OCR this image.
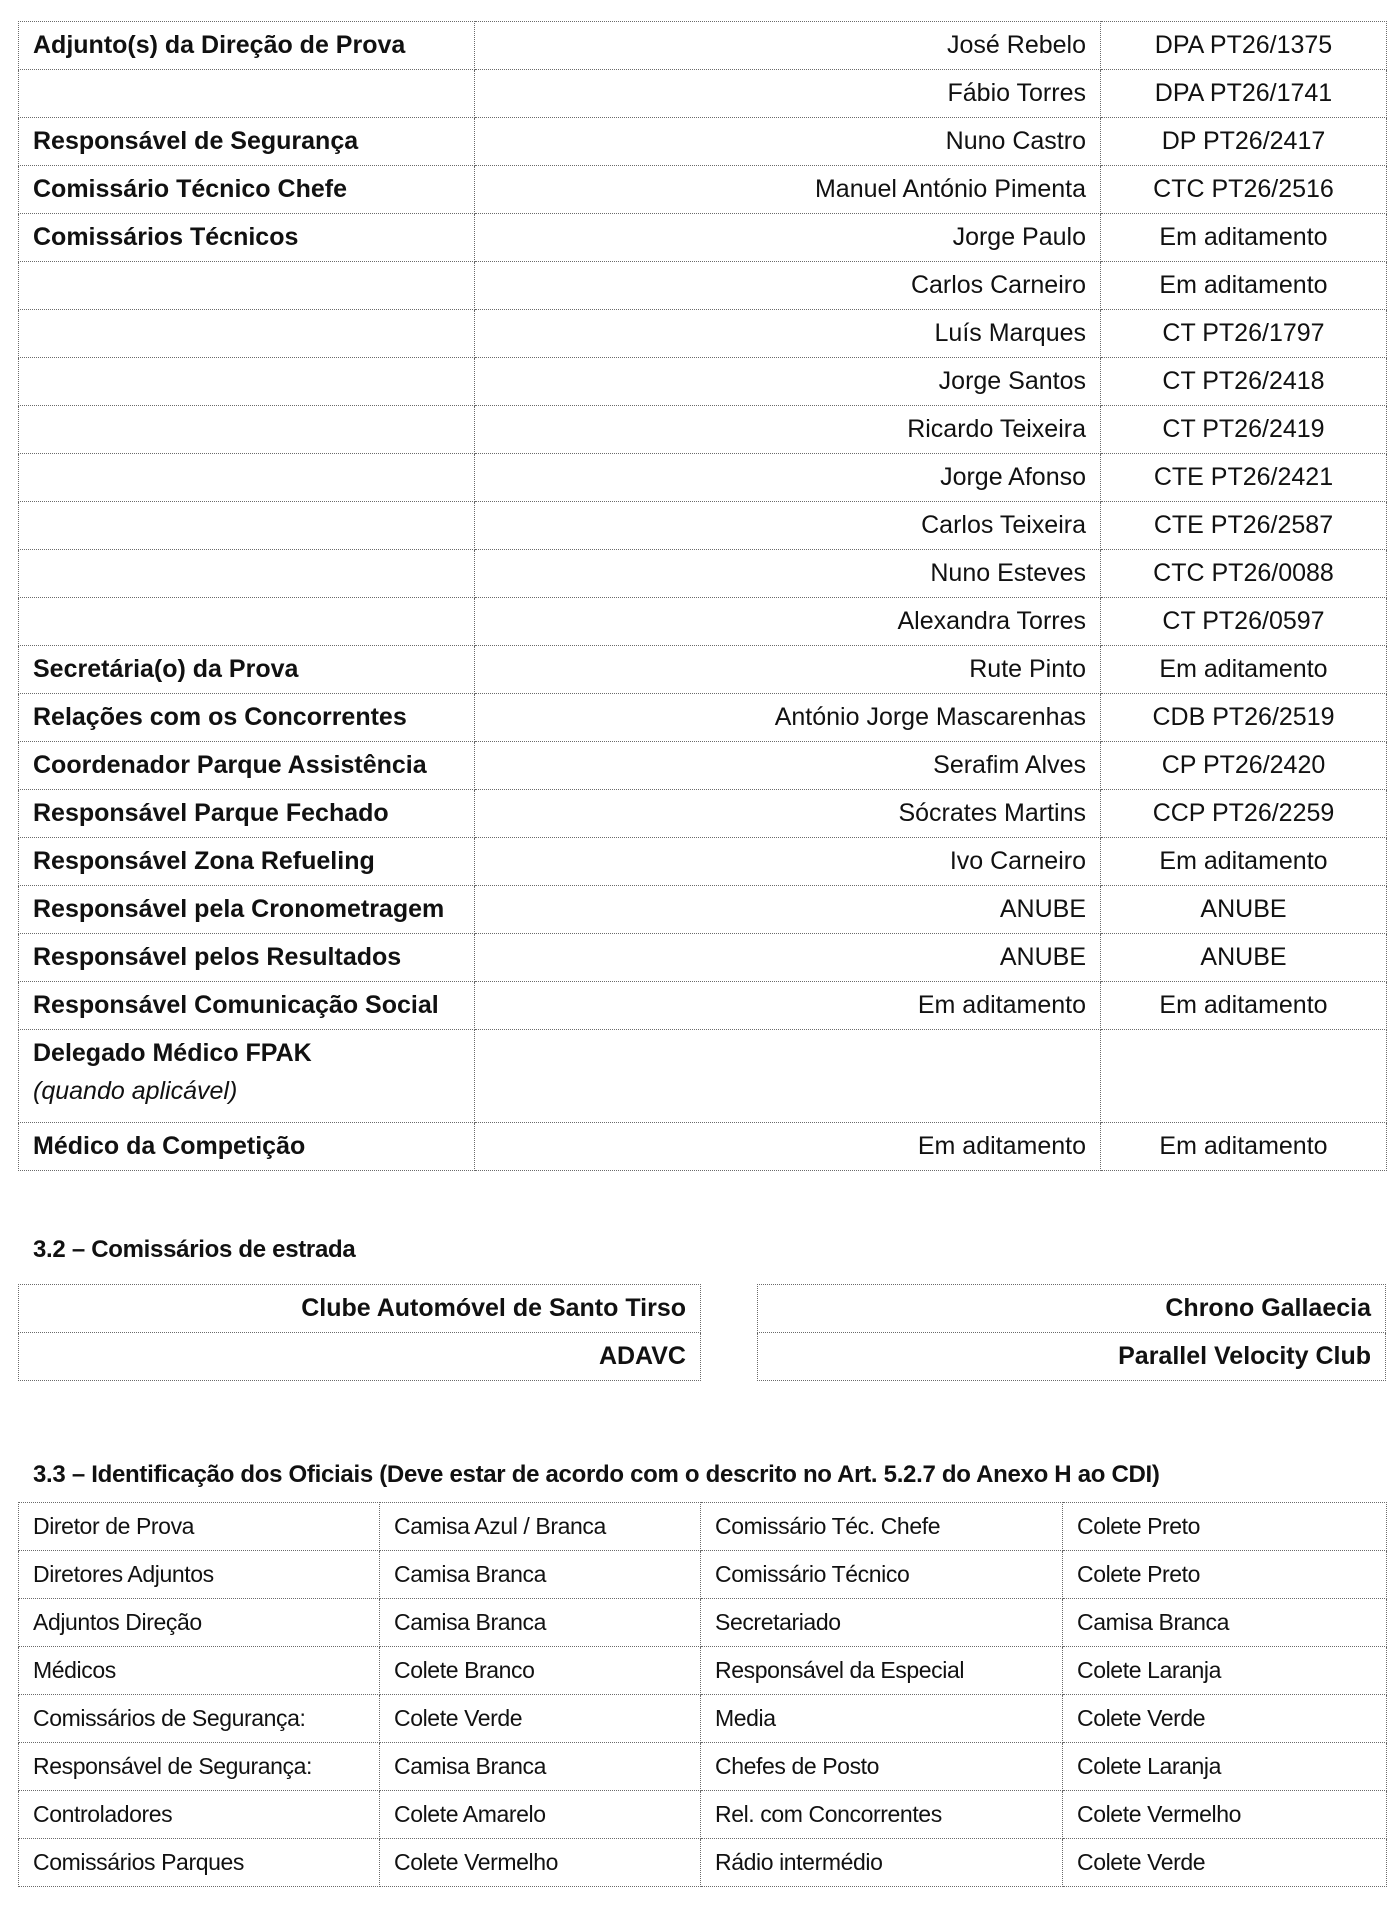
Adjunto(s) da Direção de Prova	José Rebelo	DPA PT26/1375
	Fábio Torres	DPA PT26/1741
Responsável de Segurança	Nuno Castro	DP PT26/2417
Comissário Técnico Chefe	Manuel António Pimenta	CTC PT26/2516
Comissários Técnicos	Jorge Paulo	Em aditamento
	Carlos Carneiro	Em aditamento
	Luís Marques	CT PT26/1797
	Jorge Santos	CT PT26/2418
	Ricardo Teixeira	CT PT26/2419
	Jorge Afonso	CTE PT26/2421
	Carlos Teixeira	CTE PT26/2587
	Nuno Esteves	CTC PT26/0088
	Alexandra Torres	CT PT26/0597
Secretária(o) da Prova	Rute Pinto	Em aditamento
Relações com os Concorrentes	António Jorge Mascarenhas	CDB PT26/2519
Coordenador Parque Assistência	Serafim Alves	CP PT26/2420
Responsável Parque Fechado	Sócrates Martins	CCP PT26/2259
Responsável Zona Refueling	Ivo Carneiro	Em aditamento
Responsável pela Cronometragem	ANUBE	ANUBE
Responsável pelos Resultados	ANUBE	ANUBE
Responsável Comunicação Social	Em aditamento	Em aditamento
Delegado Médico FPAK
(quando aplicável)		

Médico da Competição	Em aditamento	Em aditamento
3.2 – Comissários de estrada
Clube Automóvel de Santo Tirso
ADAVC
Chrono Gallaecia
Parallel Velocity Club
3.3 – Identificação dos Oficiais (Deve estar de acordo com o descrito no Art. 5.2.7 do Anexo H ao CDI)
Diretor de Prova	Camisa Azul / Branca	Comissário Téc. Chefe	Colete Preto
Diretores Adjuntos	Camisa Branca	Comissário Técnico	Colete Preto
Adjuntos Direção	Camisa Branca	Secretariado	Camisa Branca
Médicos	Colete Branco	Responsável da Especial	Colete Laranja
Comissários de Segurança:	Colete Verde	Media	Colete Verde
Responsável de Segurança:	Camisa Branca	Chefes de Posto	Colete Laranja
Controladores	Colete Amarelo	Rel. com Concorrentes	Colete Vermelho
Comissários Parques	Colete Vermelho	Rádio intermédio	Colete Verde
